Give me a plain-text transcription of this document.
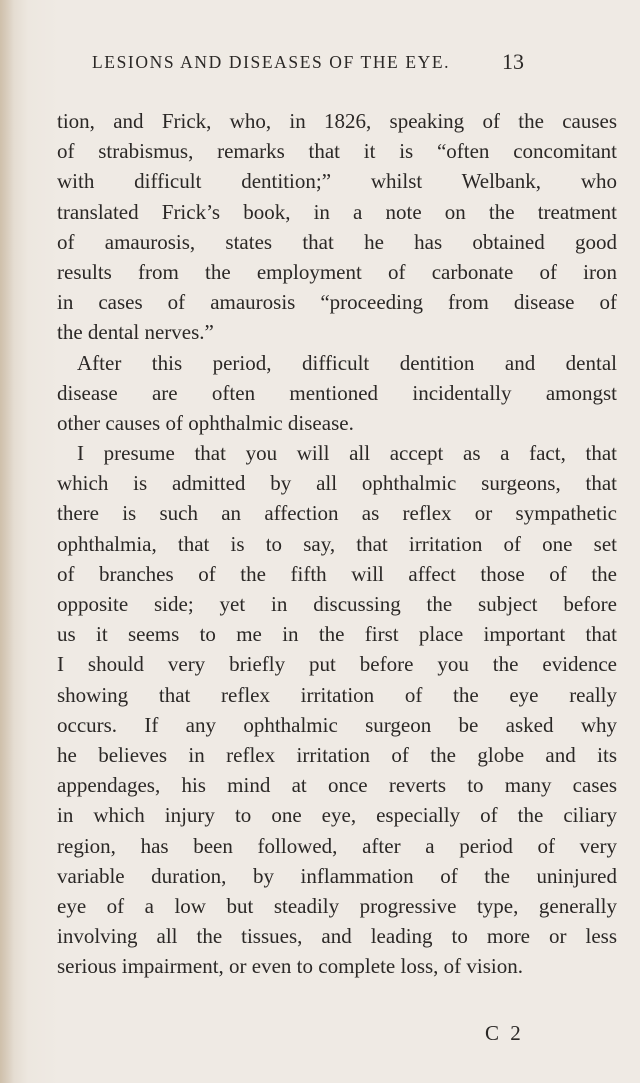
LESIONS AND DISEASES OF THE EYE. 13
tion, and Frick, who, in 1826, speaking of the causes
of strabismus, remarks that it is “often concomitant
with difficult dentition;” whilst Welbank, who
translated Frick’s book, in a note on the treatment
of amaurosis, states that he has obtained good
results from the employment of carbonate of iron
in cases of amaurosis “proceeding from disease of
the dental nerves.”
After this period, difficult dentition and dental
disease are often mentioned incidentally amongst
other causes of ophthalmic disease.
I presume that you will all accept as a fact, that
which is admitted by all ophthalmic surgeons, that
there is such an affection as reflex or sympathetic
ophthalmia, that is to say, that irritation of one set
of branches of the fifth will affect those of the
opposite side; yet in discussing the subject before
us it seems to me in the first place important that
I should very briefly put before you the evidence
showing that reflex irritation of the eye really
occurs. If any ophthalmic surgeon be asked why
he believes in reflex irritation of the globe and its
appendages, his mind at once reverts to many cases
in which injury to one eye, especially of the ciliary
region, has been followed, after a period of very
variable duration, by inflammation of the uninjured
eye of a low but steadily progressive type, generally
involving all the tissues, and leading to more or less
serious impairment, or even to complete loss, of vision.
C 2
